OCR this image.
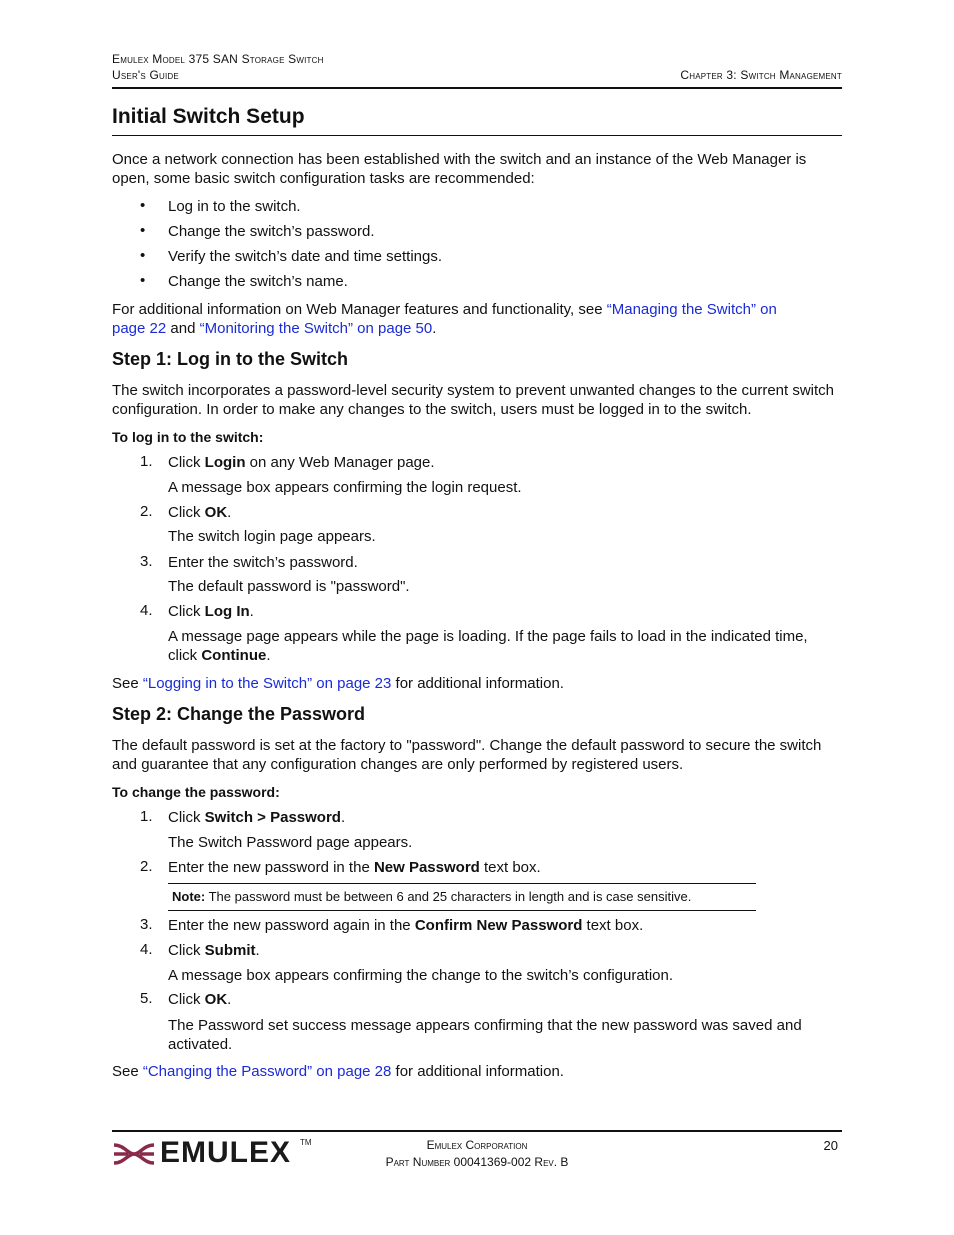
Emulex Model 375 SAN Storage Switch
User's Guide	Chapter 3: Switch Management
Initial Switch Setup
Once a network connection has been established with the switch and an instance of the Web Manager is open, some basic switch configuration tasks are recommended:
• Log in to the switch.
• Change the switch’s password.
• Verify the switch’s date and time settings.
• Change the switch’s name.
For additional information on Web Manager features and functionality, see “Managing the Switch” on
page 22 and “Monitoring the Switch” on page 50.
Step 1: Log in to the Switch
The switch incorporates a password-level security system to prevent unwanted changes to the current switch configuration. In order to make any changes to the switch, users must be logged in to the switch.
To log in to the switch:
1. Click Login on any Web Manager page.
A message box appears confirming the login request.
2. Click OK.
The switch login page appears.
3. Enter the switch’s password.
The default password is "password".
4. Click Log In.
A message page appears while the page is loading. If the page fails to load in the indicated time,
click Continue.
See “Logging in to the Switch” on page 23 for additional information.
Step 2: Change the Password
The default password is set at the factory to "password". Change the default password to secure the switch and guarantee that any configuration changes are only performed by registered users.
To change the password:
1. Click Switch > Password.
The Switch Password page appears.
2. Enter the new password in the New Password text box.
Note: The password must be between 6 and 25 characters in length and is case sensitive.
3. Enter the new password again in the Confirm New Password text box.
4. Click Submit.
A message box appears confirming the change to the switch’s configuration.
5. Click OK.
The Password set success message appears confirming that the new password was saved and
activated.
See “Changing the Password” on page 28 for additional information.
EMULEX TM	Emulex Corporation
Part Number 00041369-002 Rev. B
20
